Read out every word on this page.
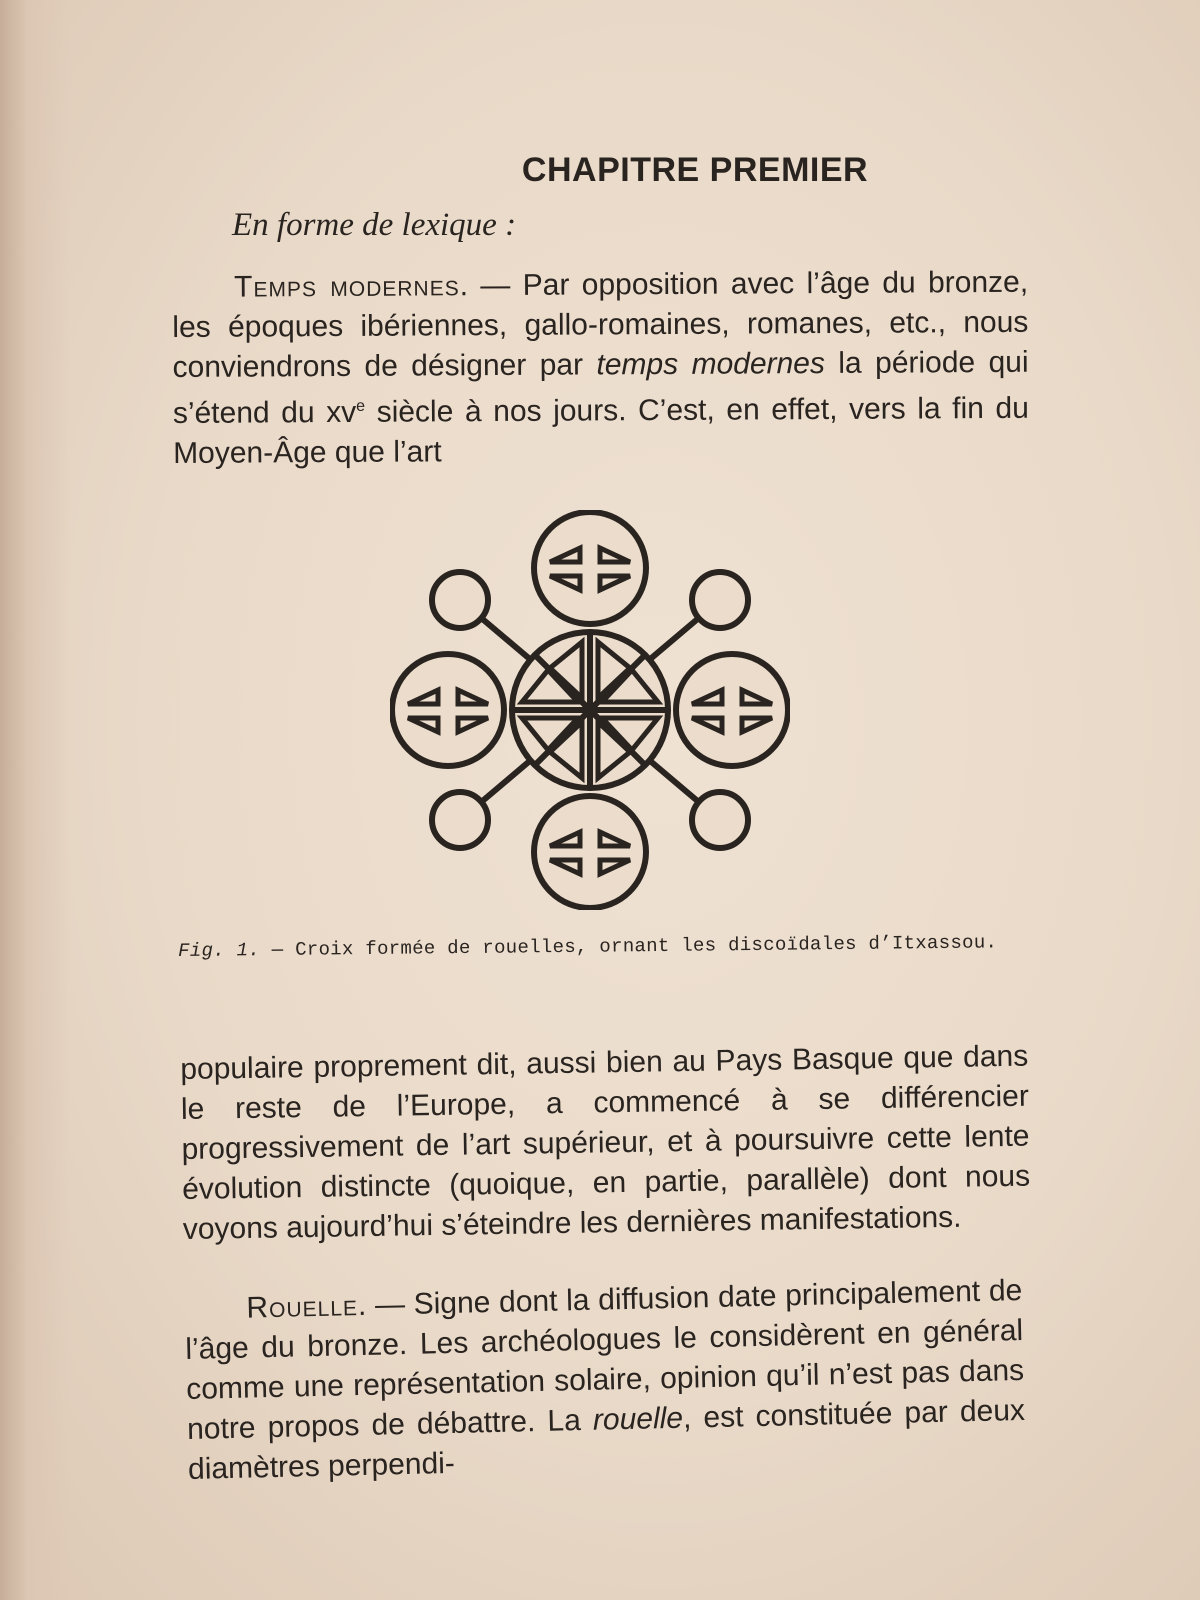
CHAPITRE PREMIER
En forme de lexique :

Temps modernes. — Par opposition avec l’âge du bronze, les époques ibériennes, gallo-romaines, romanes, etc., nous conviendrons de désigner par temps modernes la période qui s’étend du $xv^e$ siècle à nos jours. C’est, en effet, vers la fin du Moyen-Âge que l’art

Fig. 1. — Croix formée de rouelles, ornant les discoïdales d’Itxassou.

populaire proprement dit, aussi bien au Pays Basque que dans le reste de l’Europe, a commencé à se différencier progressivement de l’art supérieur, et à poursuivre cette lente évolution distincte (quoique, en partie, parallèle) dont nous voyons aujourd’hui s’éteindre les dernières manifestations.

Rouelle. — Signe dont la diffusion date principalement de l’âge du bronze. Les archéologues le considèrent en général comme une représentation solaire, opinion qu’il n’est pas dans notre propos de débattre. La rouelle, est constituée par deux diamètres perpendi-
